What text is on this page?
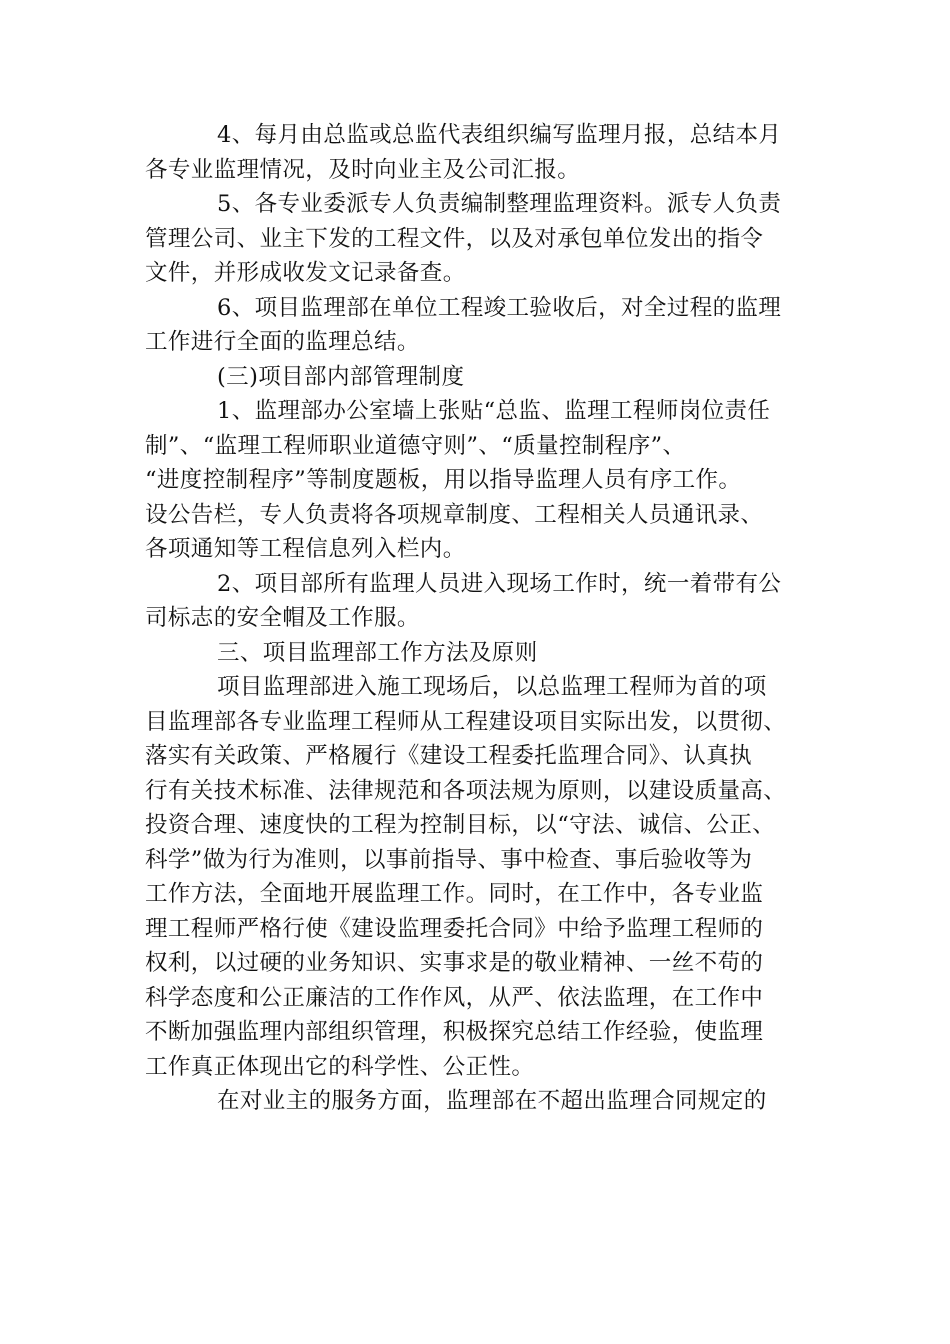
4、每月由总监或总监代表组织编写监理月报，总结本月
各专业监理情况，及时向业主及公司汇报。
5、各专业委派专人负责编制整理监理资料。派专人负责
管理公司、业主下发的工程文件，以及对承包单位发出的指令
文件，并形成收发文记录备查。
6、项目监理部在单位工程竣工验收后，对全过程的监理
工作进行全面的监理总结。
(三)项目部内部管理制度
1、监理部办公室墙上张贴“总监、监理工程师岗位责任
制”、“监理工程师职业道德守则”、“质量控制程序”、
“进度控制程序”等制度题板，用以指导监理人员有序工作。
设公告栏，专人负责将各项规章制度、工程相关人员通讯录、
各项通知等工程信息列入栏内。
2、项目部所有监理人员进入现场工作时，统一着带有公
司标志的安全帽及工作服。
三、项目监理部工作方法及原则
项目监理部进入施工现场后，以总监理工程师为首的项
目监理部各专业监理工程师从工程建设项目实际出发，以贯彻、
落实有关政策、严格履行《建设工程委托监理合同》、认真执
行有关技术标准、法律规范和各项法规为原则，以建设质量高、
投资合理、速度快的工程为控制目标，以“守法、诚信、公正、
科学”做为行为准则，以事前指导、事中检查、事后验收等为
工作方法，全面地开展监理工作。同时，在工作中，各专业监
理工程师严格行使《建设监理委托合同》中给予监理工程师的
权利，以过硬的业务知识、实事求是的敬业精神、一丝不苟的
科学态度和公正廉洁的工作作风，从严、依法监理，在工作中
不断加强监理内部组织管理，积极探究总结工作经验，使监理
工作真正体现出它的科学性、公正性。
在对业主的服务方面，监理部在不超出监理合同规定的
